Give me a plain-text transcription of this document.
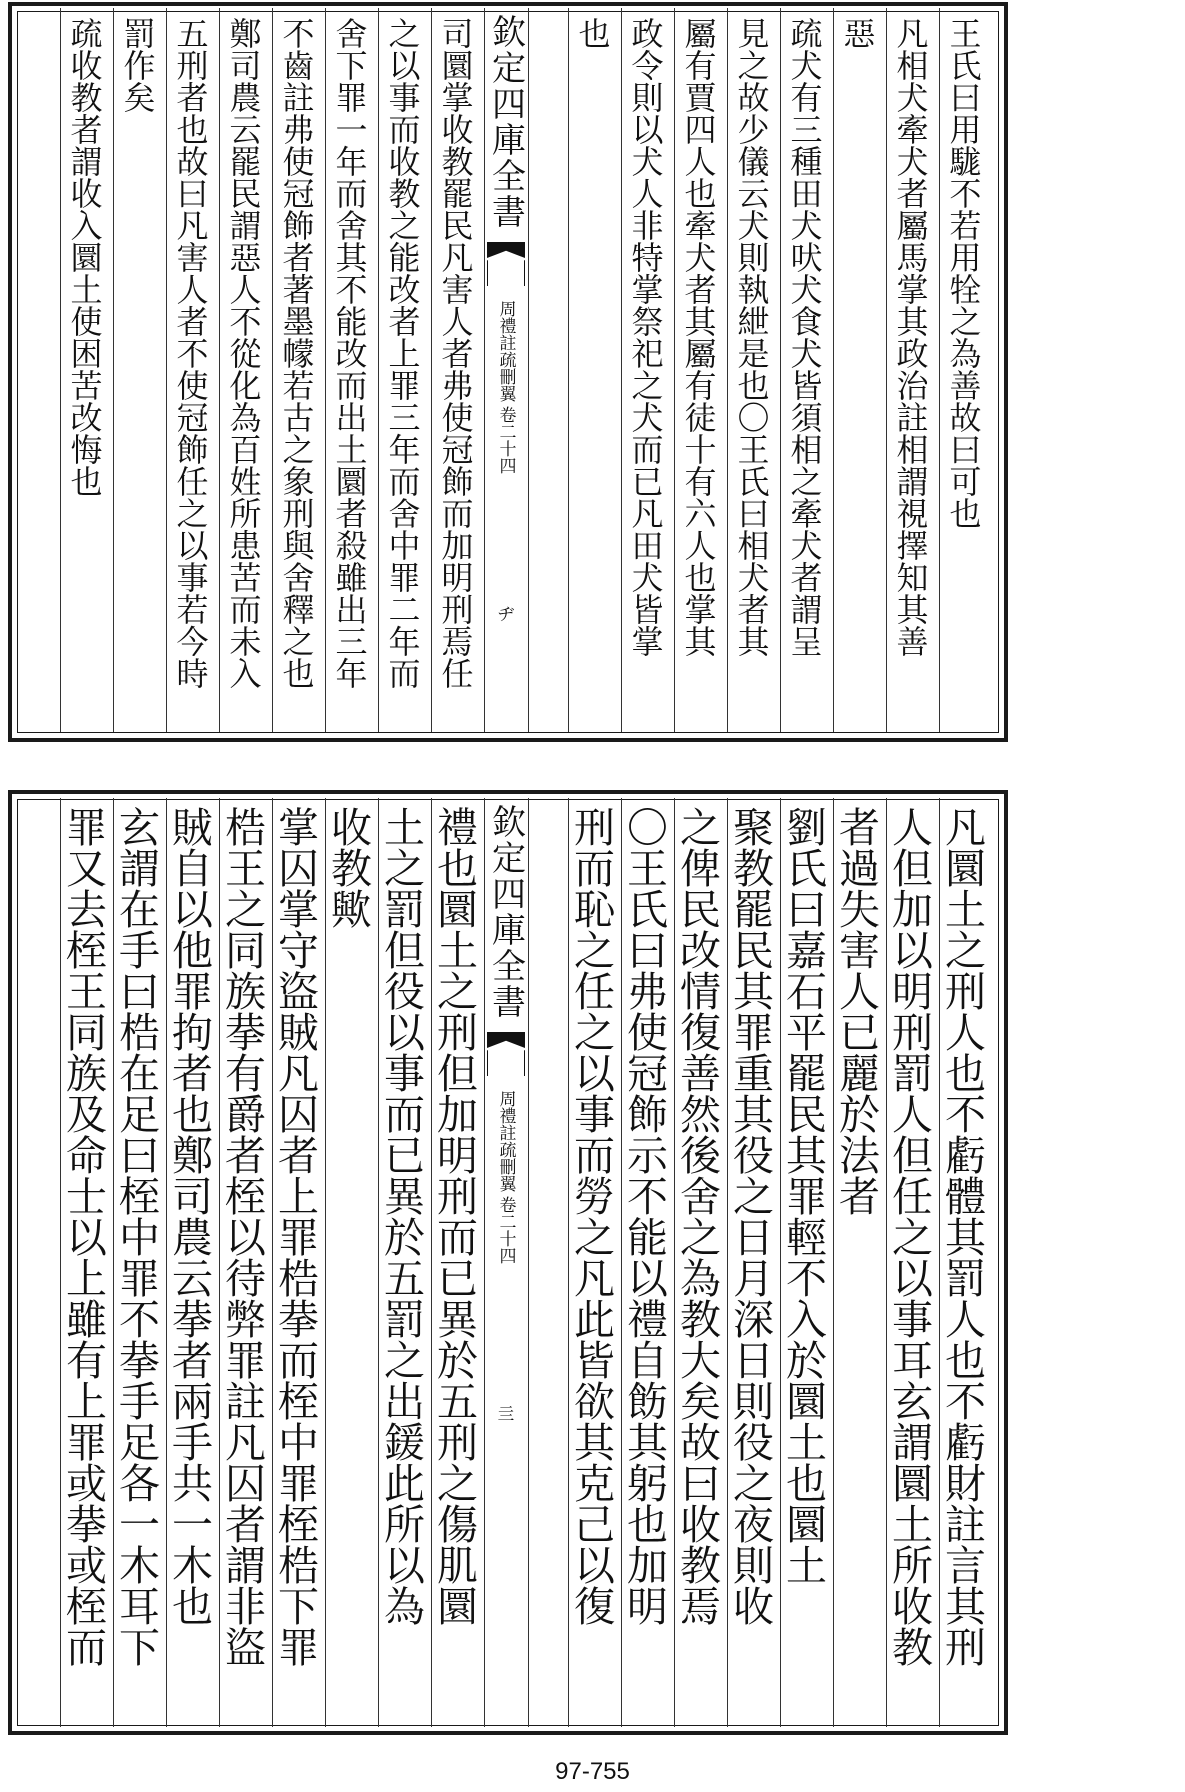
王
氏
曰
用
駹
不
若
用
牷
之
為
善
故
曰
可
也
凡
相
犬
牽
犬
者
屬
馬
掌
其
政
治
註
相
謂
視
擇
知
其
善
惡
疏
犬
有
三
種
田
犬
吠
犬
食
犬
皆
須
相
之
牽
犬
者
謂
呈
見
之
故
少
儀
云
犬
則
執
紲
是
也
〇
王
氏
曰
相
犬
者
其
屬
有
賈
四
人
也
牽
犬
者
其
屬
有
徒
十
有
六
人
也
掌
其
政
令
則
以
犬
人
非
特
掌
祭
祀
之
犬
而
已
凡
田
犬
皆
掌
也
欽定四庫全書
周禮註疏刪翼
卷二十四
ヂ
司
圜
掌
收
教
罷
民
凡
害
人
者
弗
使
冠
飾
而
加
明
刑
焉
任
之
以
事
而
收
教
之
能
改
者
上
罪
三
年
而
舍
中
罪
二
年
而
舍
下
罪
一
年
而
舍
其
不
能
改
而
出
土
圜
者
殺
雖
出
三
年
不
齒
註
弗
使
冠
飾
者
著
墨
幪
若
古
之
象
刑
與
舍
釋
之
也
鄭
司
農
云
罷
民
謂
惡
人
不
從
化
為
百
姓
所
患
苦
而
未
入
五
刑
者
也
故
曰
凡
害
人
者
不
使
冠
飾
任
之
以
事
若
今
時
罰
作
矣
疏
收
教
者
謂
收
入
圜
土
使
困
苦
改
悔
也
凡
圜
土
之
刑
人
也
不
虧
體
其
罰
人
也
不
虧
財
註
言
其
刑
人
但
加
以
明
刑
罰
人
但
任
之
以
事
耳
玄
謂
圜
土
所
收
教
者
過
失
害
人
已
麗
於
法
者
劉
氏
曰
嘉
石
平
罷
民
其
罪
輕
不
入
於
圜
土
也
圜
土
聚
教
罷
民
其
罪
重
其
役
之
日
月
深
日
則
役
之
夜
則
收
之
俾
民
改
情
復
善
然
後
舍
之
為
教
大
矣
故
曰
收
教
焉
〇
王
氏
曰
弗
使
冠
飾
示
不
能
以
禮
自
飭
其
躬
也
加
明
刑
而
恥
之
任
之
以
事
而
勞
之
凡
此
皆
欲
其
克
己
以
復
欽定四庫全書
周禮註疏刪翼
卷二十四
亖
禮
也
圜
土
之
刑
但
加
明
刑
而
已
異
於
五
刑
之
傷
肌
圜
土
之
罰
但
役
以
事
而
已
異
於
五
罰
之
出
鍰
此
所
以
為
收
教
歟
掌
囚
掌
守
盜
賊
凡
囚
者
上
罪
梏
拲
而
桎
中
罪
桎
梏
下
罪
梏
王
之
同
族
拲
有
爵
者
桎
以
待
弊
罪
註
凡
囚
者
謂
非
盜
賊
自
以
他
罪
拘
者
也
鄭
司
農
云
拲
者
兩
手
共
一
木
也
玄
謂
在
手
曰
梏
在
足
曰
桎
中
罪
不
拲
手
足
各
一
木
耳
下
罪
又
去
桎
王
同
族
及
命
士
以
上
雖
有
上
罪
或
拲
或
桎
而
97-755
